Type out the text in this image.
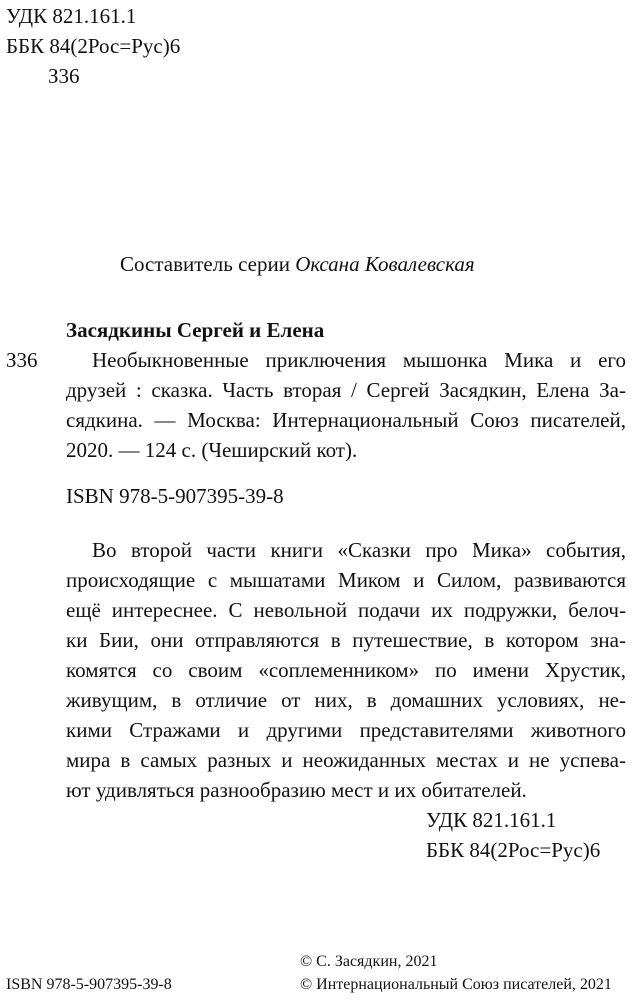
УДК 821.161.1
ББК 84(2Рос=Рус)6
З36
Составитель серии Оксана Ковалевская
Засядкины Сергей и Елена
З36	Необыкновенные приключения мышонка Мика и его
друзей : сказка. Часть вторая / Сергей Засядкин, Елена За-
сядкина. — Москва: Интернациональный Союз писателей,
2020. — 124 с. (Чеширский кот).
ISBN 978-5-907395-39-8
Во второй части книги «Сказки про Мика» события,
происходящие с мышатами Миком и Силом, развиваются
ещё интереснее. С невольной подачи их подружки, белоч-
ки Бии, они отправляются в путешествие, в котором зна-
комятся со своим «соплеменником» по имени Хрустик,
живущим, в отличие от них, в домашних условиях, не-
кими Стражами и другими представителями животного
мира в самых разных и неожиданных местах и не успева-
ют удивляться разнообразию мест и их обитателей.
УДК 821.161.1
ББК 84(2Рос=Рус)6
ISBN 978-5-907395-39-8
© С. Засядкин, 2021
© Интернациональный Союз писателей, 2021
